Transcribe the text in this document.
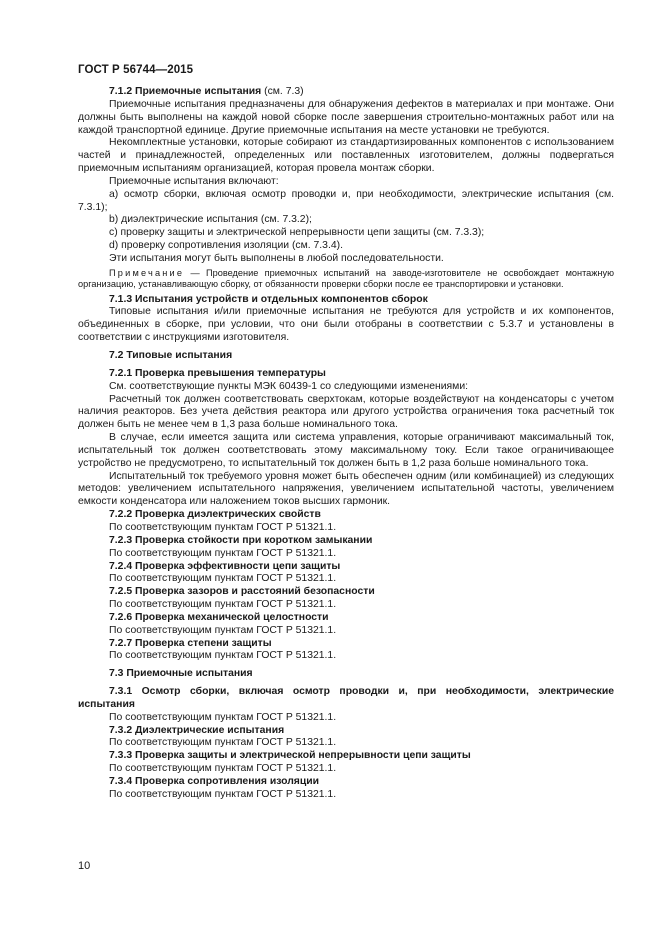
ГОСТ Р 56744—2015

7.1.2 Приемочные испытания (см. 7.3)

Приемочные испытания предназначены для обнаружения дефектов в материалах и при монтаже. Они должны быть выполнены на каждой новой сборке после завершения строительно-монтажных работ или на каждой транспортной единице. Другие приемочные испытания на месте установки не требуются.

Некомплектные установки, которые собирают из стандартизированных компонентов с использованием частей и принадлежностей, определенных или поставленных изготовителем, должны подвергаться приемочным испытаниям организацией, которая провела монтаж сборки.

Приемочные испытания включают:

а) осмотр сборки, включая осмотр проводки и, при необходимости, электрические испытания (см. 7.3.1);

b) диэлектрические испытания (см. 7.3.2);

с) проверку защиты и электрической непрерывности цепи защиты (см. 7.3.3);

d) проверку сопротивления изоляции (см. 7.3.4).

Эти испытания могут быть выполнены в любой последовательности.

Примечание — Проведение приемочных испытаний на заводе-изготовителе не освобождает монтажную организацию, устанавливающую сборку, от обязанности проверки сборки после ее транспортировки и установки.

7.1.3 Испытания устройств и отдельных компонентов сборок

Типовые испытания и/или приемочные испытания не требуются для устройств и их компонентов, объединенных в сборке, при условии, что они были отобраны в соответствии с 5.3.7 и установлены в соответствии с инструкциями изготовителя.

7.2 Типовые испытания

7.2.1 Проверка превышения температуры

См. соответствующие пункты МЭК 60439-1 со следующими изменениями:

Расчетный ток должен соответствовать сверхтокам, которые воздействуют на конденсаторы с учетом наличия реакторов. Без учета действия реактора или другого устройства ограничения тока расчетный ток должен быть не менее чем в 1,3 раза больше номинального тока.

В случае, если имеется защита или система управления, которые ограничивают максимальный ток, испытательный ток должен соответствовать этому максимальному току. Если такое ограничивающее устройство не предусмотрено, то испытательный ток должен быть в 1,2 раза больше номинального тока.

Испытательный ток требуемого уровня может быть обеспечен одним (или комбинацией) из следующих методов: увеличением испытательного напряжения, увеличением испытательной частоты, увеличением емкости конденсатора или наложением токов высших гармоник.

7.2.2 Проверка диэлектрических свойств

По соответствующим пунктам ГОСТ Р 51321.1.

7.2.3 Проверка стойкости при коротком замыкании

По соответствующим пунктам ГОСТ Р 51321.1.

7.2.4 Проверка эффективности цепи защиты

По соответствующим пунктам ГОСТ Р 51321.1.

7.2.5 Проверка зазоров и расстояний безопасности

По соответствующим пунктам ГОСТ Р 51321.1.

7.2.6 Проверка механической целостности

По соответствующим пунктам ГОСТ Р 51321.1.

7.2.7 Проверка степени защиты

По соответствующим пунктам ГОСТ Р 51321.1.

7.3 Приемочные испытания

7.3.1 Осмотр сборки, включая осмотр проводки и, при необходимости, электрические испытания

По соответствующим пунктам ГОСТ Р 51321.1.

7.3.2 Диэлектрические испытания

По соответствующим пунктам ГОСТ Р 51321.1.

7.3.3 Проверка защиты и электрической непрерывности цепи защиты

По соответствующим пунктам ГОСТ Р 51321.1.

7.3.4 Проверка сопротивления изоляции

По соответствующим пунктам ГОСТ Р 51321.1.

10
